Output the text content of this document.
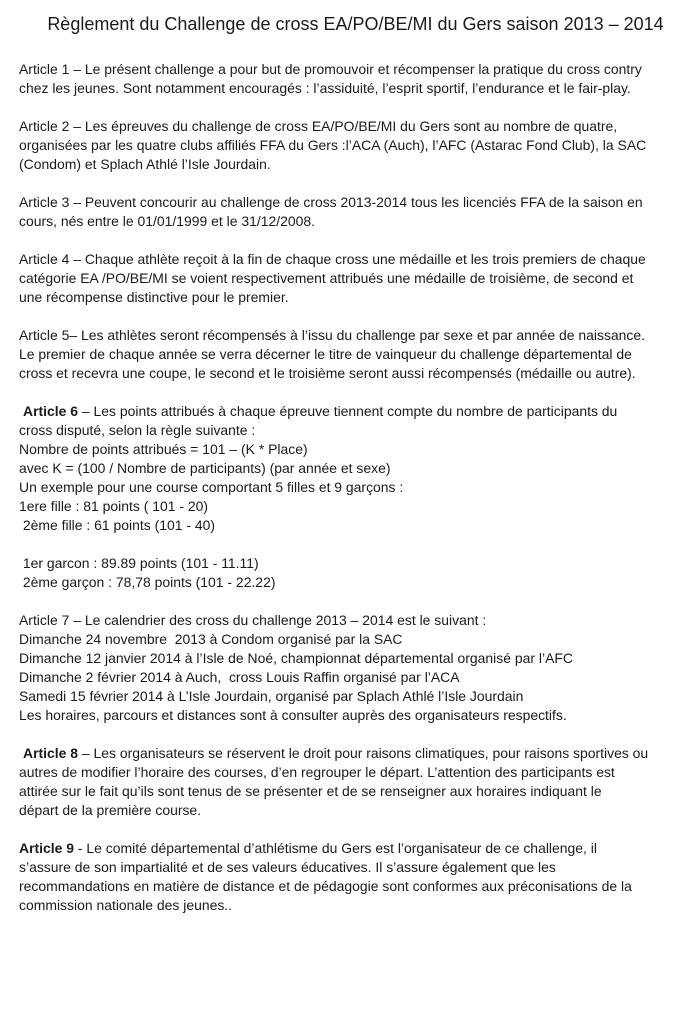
Règlement du Challenge de cross EA/PO/BE/MI du Gers saison 2013 – 2014
Article 1 – Le présent challenge a pour but de promouvoir et récompenser la pratique du cross contry
chez les jeunes. Sont notamment encouragés : l’assiduité, l’esprit sportif, l’endurance et le fair-play.
Article 2 – Les épreuves du challenge de cross EA/PO/BE/MI du Gers sont au nombre de quatre,
organisées par les quatre clubs affiliés FFA du Gers :l’ACA (Auch), l’AFC (Astarac Fond Club), la SAC
(Condom) et Splach Athlé l’Isle Jourdain.
Article 3 – Peuvent concourir au challenge de cross 2013-2014 tous les licenciés FFA de la saison en
cours, nés entre le 01/01/1999 et le 31/12/2008.
Article 4 – Chaque athlète reçoit à la fin de chaque cross une médaille et les trois premiers de chaque
catégorie EA /PO/BE/MI se voient respectivement attribués une médaille de troisième, de second et
une récompense distinctive pour le premier.
Article 5– Les athlètes seront récompensés à l’issu du challenge par sexe et par année de naissance.
Le premier de chaque année se verra décerner le titre de vainqueur du challenge départemental de
cross et recevra une coupe, le second et le troisième seront aussi récompensés (médaille ou autre).
Article 6 – Les points attribués à chaque épreuve tiennent compte du nombre de participants du
cross disputé, selon la règle suivante :
Nombre de points attribués = 101 – (K * Place)
avec K = (100 / Nombre de participants) (par année et sexe)
Un exemple pour une course comportant 5 filles et 9 garçons :
1ere fille : 81 points ( 101 - 20)
2ème fille : 61 points (101 - 40)
1er garcon : 89.89 points (101 - 11.11)
2ème garçon : 78,78 points (101 - 22.22)
Article 7 – Le calendrier des cross du challenge 2013 – 2014 est le suivant :
Dimanche 24 novembre  2013 à Condom organisé par la SAC
Dimanche 12 janvier 2014 à l’Isle de Noé, championnat départemental organisé par l’AFC
Dimanche 2 février 2014 à Auch,  cross Louis Raffin organisé par l’ACA
Samedi 15 février 2014 à L’Isle Jourdain, organisé par Splach Athlé l’Isle Jourdain
Les horaires, parcours et distances sont à consulter auprès des organisateurs respectifs.
Article 8 – Les organisateurs se réservent le droit pour raisons climatiques, pour raisons sportives ou
autres de modifier l’horaire des courses, d’en regrouper le départ. L’attention des participants est
attirée sur le fait qu’ils sont tenus de se présenter et de se renseigner aux horaires indiquant le
départ de la première course.
Article 9 - Le comité départemental d’athlétisme du Gers est l’organisateur de ce challenge, il
s’assure de son impartialité et de ses valeurs éducatives. Il s’assure également que les
recommandations en matière de distance et de pédagogie sont conformes aux préconisations de la
commission nationale des jeunes..
